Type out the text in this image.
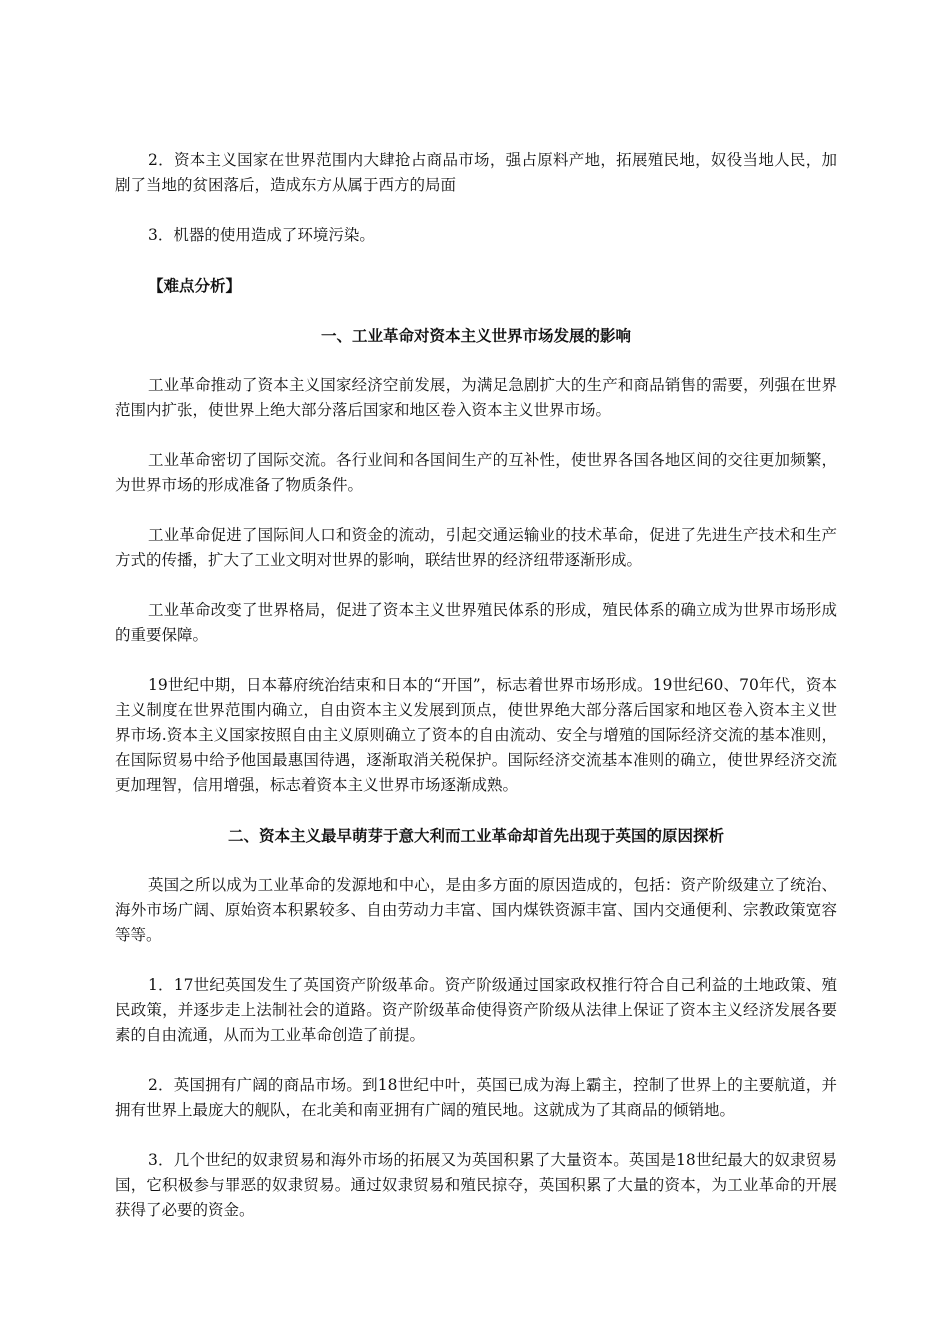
2．资本主义国家在世界范围内大肆抢占商品市场，强占原料产地，拓展殖民地，奴役当地人民，加剧了当地的贫困落后，造成东方从属于西方的局面

3．机器的使用造成了环境污染。

【难点分析】

一、工业革命对资本主义世界市场发展的影响

工业革命推动了资本主义国家经济空前发展，为满足急剧扩大的生产和商品销售的需要，列强在世界范围内扩张，使世界上绝大部分落后国家和地区卷入资本主义世界市场。

工业革命密切了国际交流。各行业间和各国间生产的互补性，使世界各国各地区间的交往更加频繁，为世界市场的形成准备了物质条件。

工业革命促进了国际间人口和资金的流动，引起交通运输业的技术革命，促进了先进生产技术和生产方式的传播，扩大了工业文明对世界的影响，联结世界的经济纽带逐渐形成。

工业革命改变了世界格局，促进了资本主义世界殖民体系的形成，殖民体系的确立成为世界市场形成的重要保障。

19世纪中期，日本幕府统治结束和日本的“开国”，标志着世界市场形成。19世纪60、70年代，资本主义制度在世界范围内确立，自由资本主义发展到顶点，使世界绝大部分落后国家和地区卷入资本主义世界市场.资本主义国家按照自由主义原则确立了资本的自由流动、安全与增殖的国际经济交流的基本准则，在国际贸易中给予他国最惠国待遇，逐渐取消关税保护。国际经济交流基本准则的确立，使世界经济交流更加理智，信用增强，标志着资本主义世界市场逐渐成熟。

二、资本主义最早萌芽于意大利而工业革命却首先出现于英国的原因探析

英国之所以成为工业革命的发源地和中心，是由多方面的原因造成的，包括：资产阶级建立了统治、海外市场广阔、原始资本积累较多、自由劳动力丰富、国内煤铁资源丰富、国内交通便利、宗教政策宽容等等。

1．17世纪英国发生了英国资产阶级革命。资产阶级通过国家政权推行符合自己利益的土地政策、殖民政策，并逐步走上法制社会的道路。资产阶级革命使得资产阶级从法律上保证了资本主义经济发展各要素的自由流通，从而为工业革命创造了前提。

2．英国拥有广阔的商品市场。到18世纪中叶，英国已成为海上霸主，控制了世界上的主要航道，并拥有世界上最庞大的舰队，在北美和南亚拥有广阔的殖民地。这就成为了其商品的倾销地。

3．几个世纪的奴隶贸易和海外市场的拓展又为英国积累了大量资本。英国是18世纪最大的奴隶贸易国，它积极参与罪恶的奴隶贸易。通过奴隶贸易和殖民掠夺，英国积累了大量的资本，为工业革命的开展获得了必要的资金。
